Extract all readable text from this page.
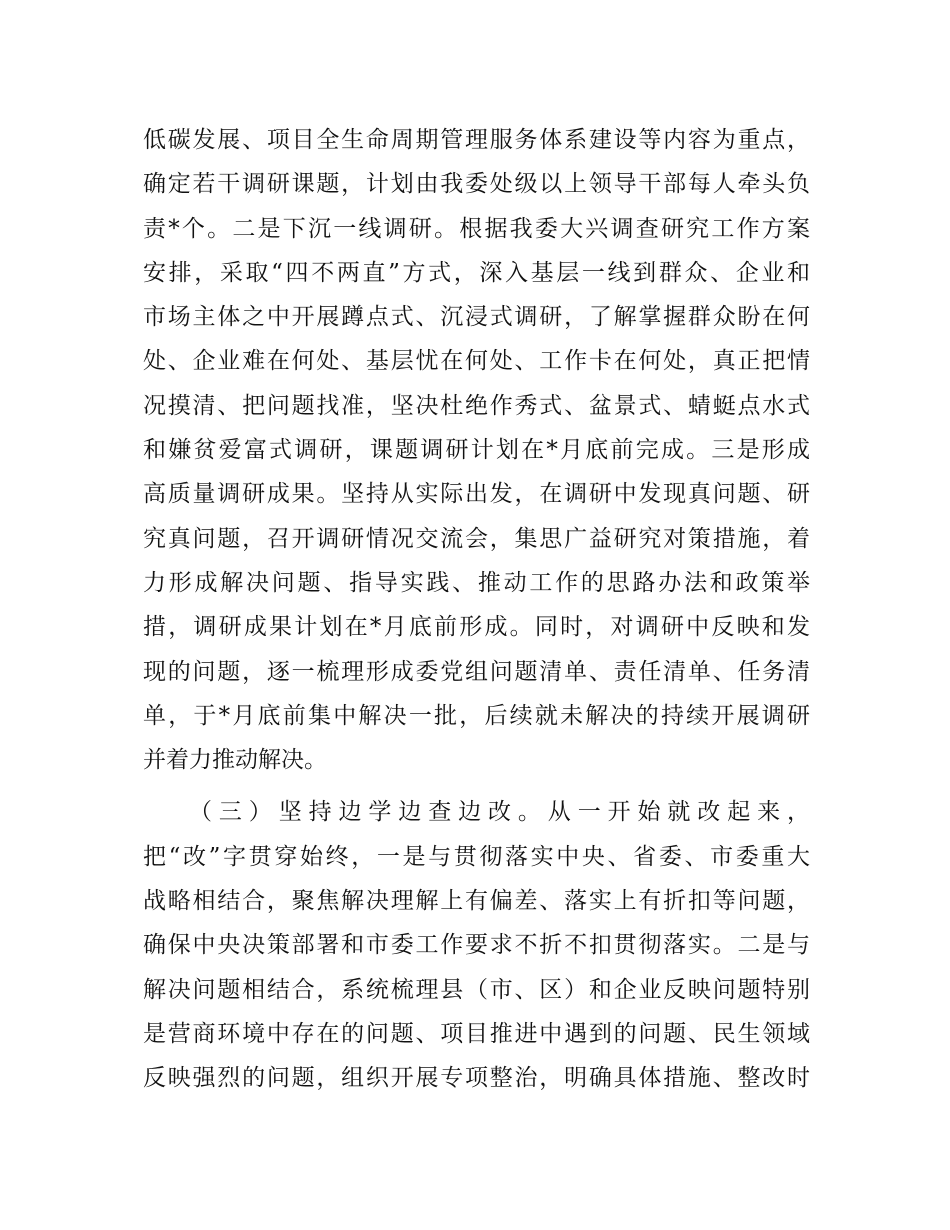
低碳发展、项目全生命周期管理服务体系建设等内容为重点，
确定若干调研课题，计划由我委处级以上领导干部每人牵头负
责*个。二是下沉一线调研。根据我委大兴调查研究工作方案
安排，采取“四不两直”方式，深入基层一线到群众、企业和
市场主体之中开展蹲点式、沉浸式调研，了解掌握群众盼在何
处、企业难在何处、基层忧在何处、工作卡在何处，真正把情
况摸清、把问题找准，坚决杜绝作秀式、盆景式、蜻蜓点水式
和嫌贫爱富式调研，课题调研计划在*月底前完成。三是形成
高质量调研成果。坚持从实际出发，在调研中发现真问题、研
究真问题，召开调研情况交流会，集思广益研究对策措施，着
力形成解决问题、指导实践、推动工作的思路办法和政策举
措，调研成果计划在*月底前形成。同时，对调研中反映和发
现的问题，逐一梳理形成委党组问题清单、责任清单、任务清
单，于*月底前集中解决一批，后续就未解决的持续开展调研
并着力推动解决。
（三）坚持边学边查边改。从一开始就改起来，
把“改”字贯穿始终，一是与贯彻落实中央、省委、市委重大
战略相结合，聚焦解决理解上有偏差、落实上有折扣等问题，
确保中央决策部署和市委工作要求不折不扣贯彻落实。二是与
解决问题相结合，系统梳理县（市、区）和企业反映问题特别
是营商环境中存在的问题、项目推进中遇到的问题、民生领域
反映强烈的问题，组织开展专项整治，明确具体措施、整改时
